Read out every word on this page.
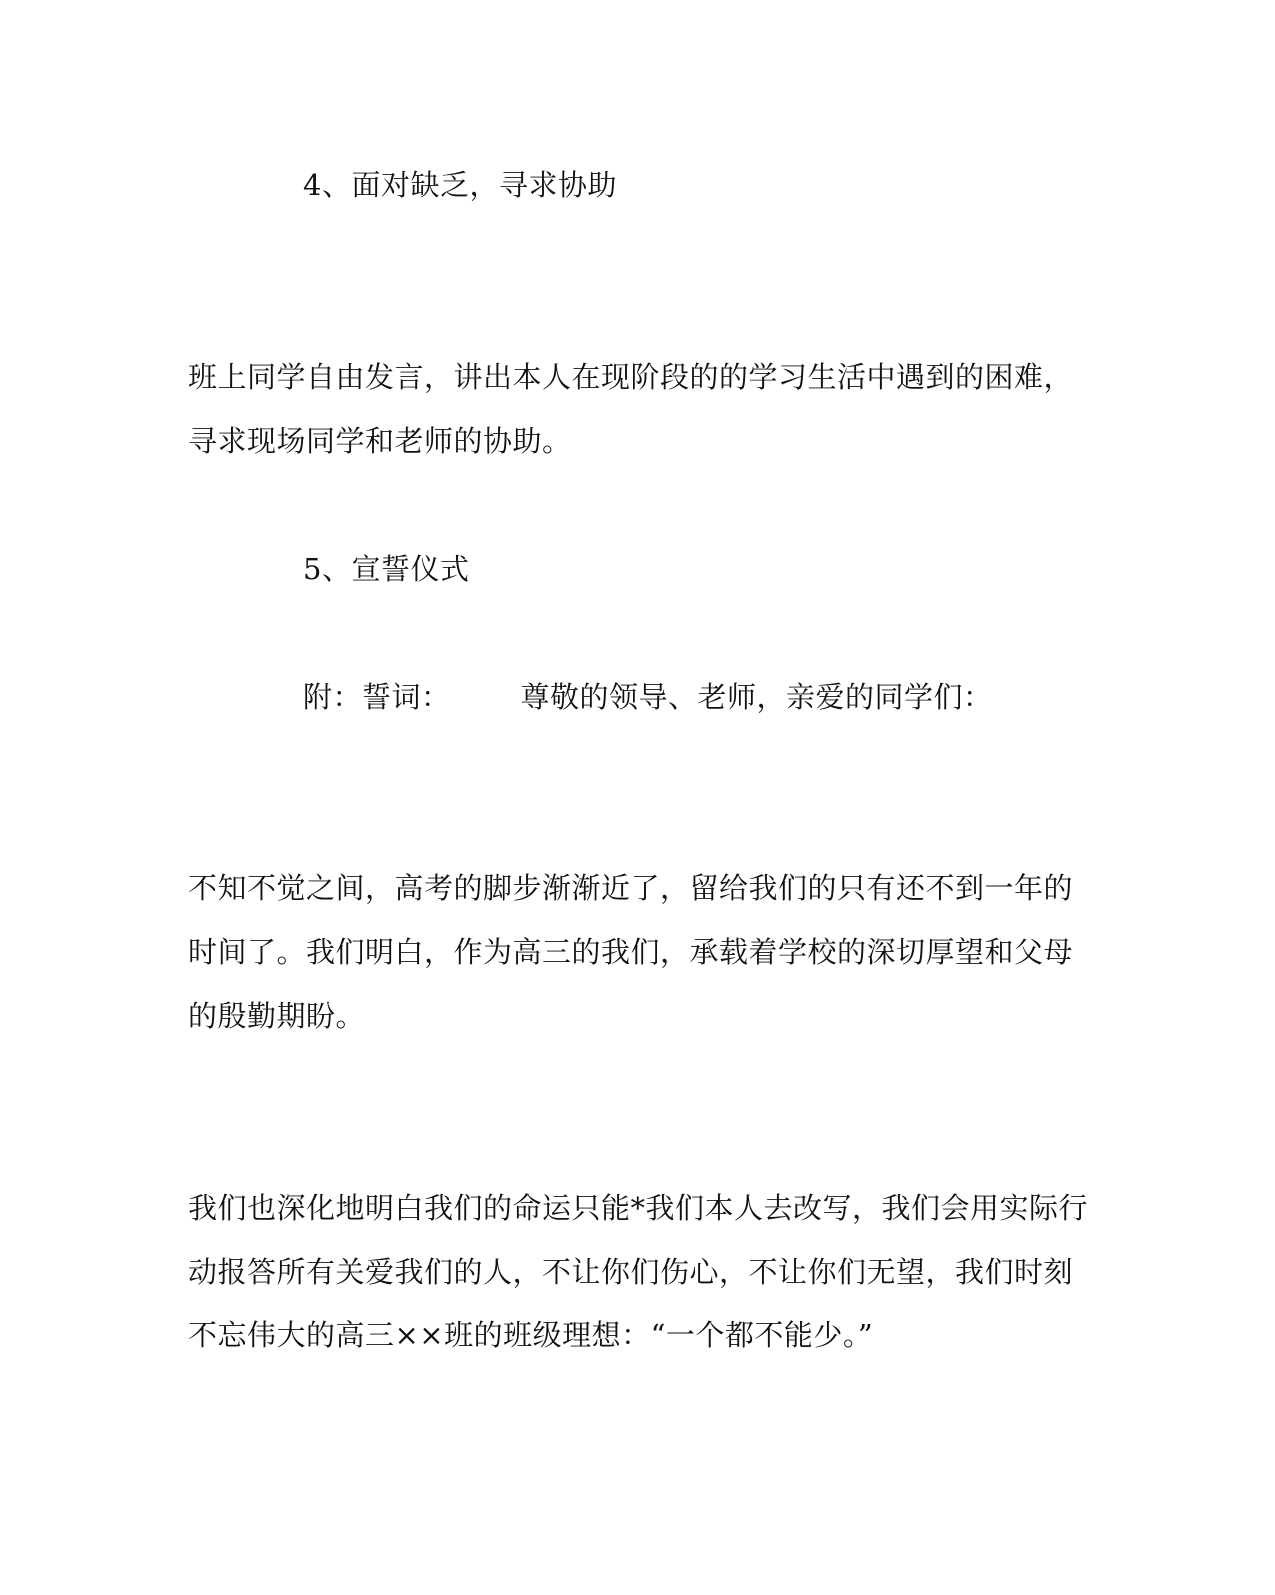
4、面对缺乏，寻求协助
班上同学自由发言，讲出本人在现阶段的的学习生活中遇到的困难，
寻求现场同学和老师的协助。
5、宣誓仪式
附：誓词： 尊敬的领导、老师，亲爱的同学们：
不知不觉之间，高考的脚步渐渐近了，留给我们的只有还不到一年的
时间了。我们明白，作为高三的我们，承载着学校的深切厚望和父母
的殷勤期盼。
我们也深化地明白我们的命运只能*我们本人去改写，我们会用实际行
动报答所有关爱我们的人，不让你们伤心，不让你们无望，我们时刻
不忘伟大的高三××班的班级理想：“一个都不能少。”
